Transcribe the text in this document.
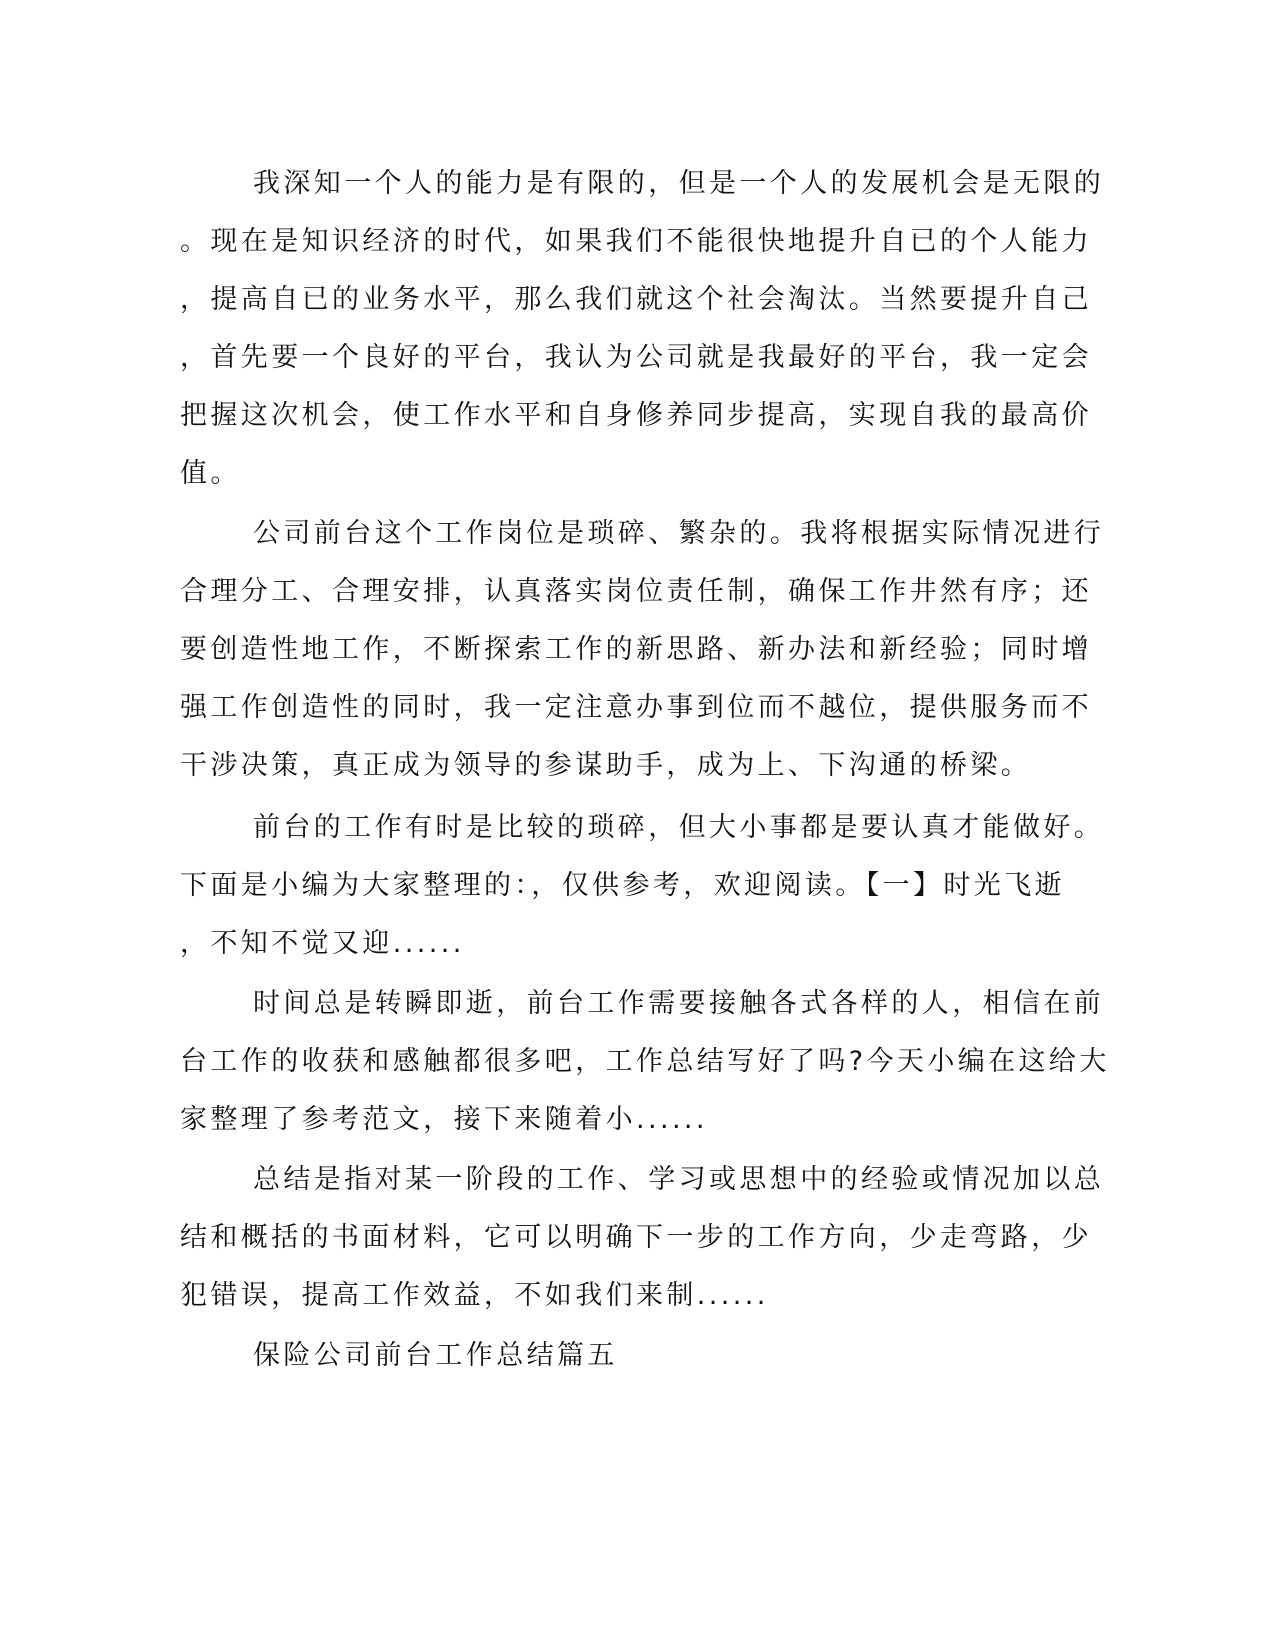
我深知一个人的能力是有限的，但是一个人的发展机会是无限的
。现在是知识经济的时代，如果我们不能很快地提升自已的个人能力
，提高自已的业务水平，那么我们就这个社会淘汰。当然要提升自己
，首先要一个良好的平台，我认为公司就是我最好的平台，我一定会
把握这次机会，使工作水平和自身修养同步提高，实现自我的最高价
值。
公司前台这个工作岗位是琐碎、繁杂的。我将根据实际情况进行
合理分工、合理安排，认真落实岗位责任制，确保工作井然有序；还
要创造性地工作，不断探索工作的新思路、新办法和新经验；同时增
强工作创造性的同时，我一定注意办事到位而不越位，提供服务而不
干涉决策，真正成为领导的参谋助手，成为上、下沟通的桥梁。
前台的工作有时是比较的琐碎，但大小事都是要认真才能做好。
下面是小编为大家整理的：，仅供参考，欢迎阅读。【一】时光飞逝
，不知不觉又迎......
时间总是转瞬即逝，前台工作需要接触各式各样的人，相信在前
台工作的收获和感触都很多吧，工作总结写好了吗?今天小编在这给大
家整理了参考范文，接下来随着小......
总结是指对某一阶段的工作、学习或思想中的经验或情况加以总
结和概括的书面材料，它可以明确下一步的工作方向，少走弯路，少
犯错误，提高工作效益，不如我们来制......
保险公司前台工作总结篇五
